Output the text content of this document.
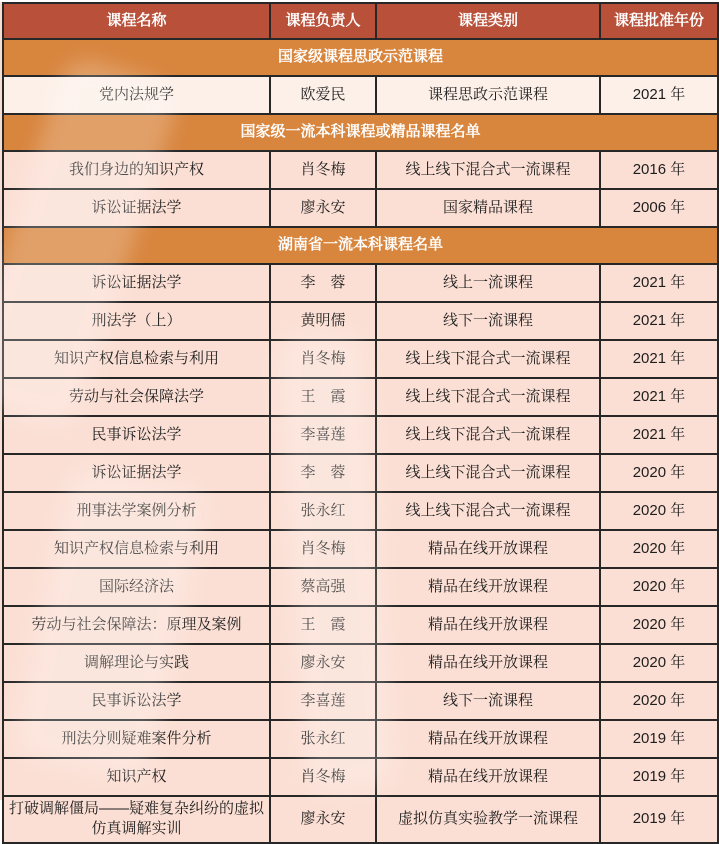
课程名称	课程负责人	课程类别	课程批准年份
国家级课程思政示范课程			
党内法规学	欧爱民	课程思政示范课程	2021 年
国家级一流本科课程或精品课程名单			
我们身边的知识产权	肖冬梅	线上线下混合式一流课程	2016 年
诉讼证据法学	廖永安	国家精品课程	2006 年
湖南省一流本科课程名单			
诉讼证据法学	李　蓉	线上一流课程	2021 年
刑法学（上）	黄明儒	线下一流课程	2021 年
知识产权信息检索与利用	肖冬梅	线上线下混合式一流课程	2021 年
劳动与社会保障法学	王　霞	线上线下混合式一流课程	2021 年
民事诉讼法学	李喜莲	线上线下混合式一流课程	2021 年
诉讼证据法学	李　蓉	线上线下混合式一流课程	2020 年
刑事法学案例分析	张永红	线上线下混合式一流课程	2020 年
知识产权信息检索与利用	肖冬梅	精品在线开放课程	2020 年
国际经济法	蔡高强	精品在线开放课程	2020 年
劳动与社会保障法：原理及案例	王　霞	精品在线开放课程	2020 年
调解理论与实践	廖永安	精品在线开放课程	2020 年
民事诉讼法学	李喜莲	线下一流课程	2020 年
刑法分则疑难案件分析	张永红	精品在线开放课程	2019 年
知识产权	肖冬梅	精品在线开放课程	2019 年
打破调解僵局——疑难复杂纠纷的虚拟仿真调解实训	廖永安	虚拟仿真实验教学一流课程	2019 年
